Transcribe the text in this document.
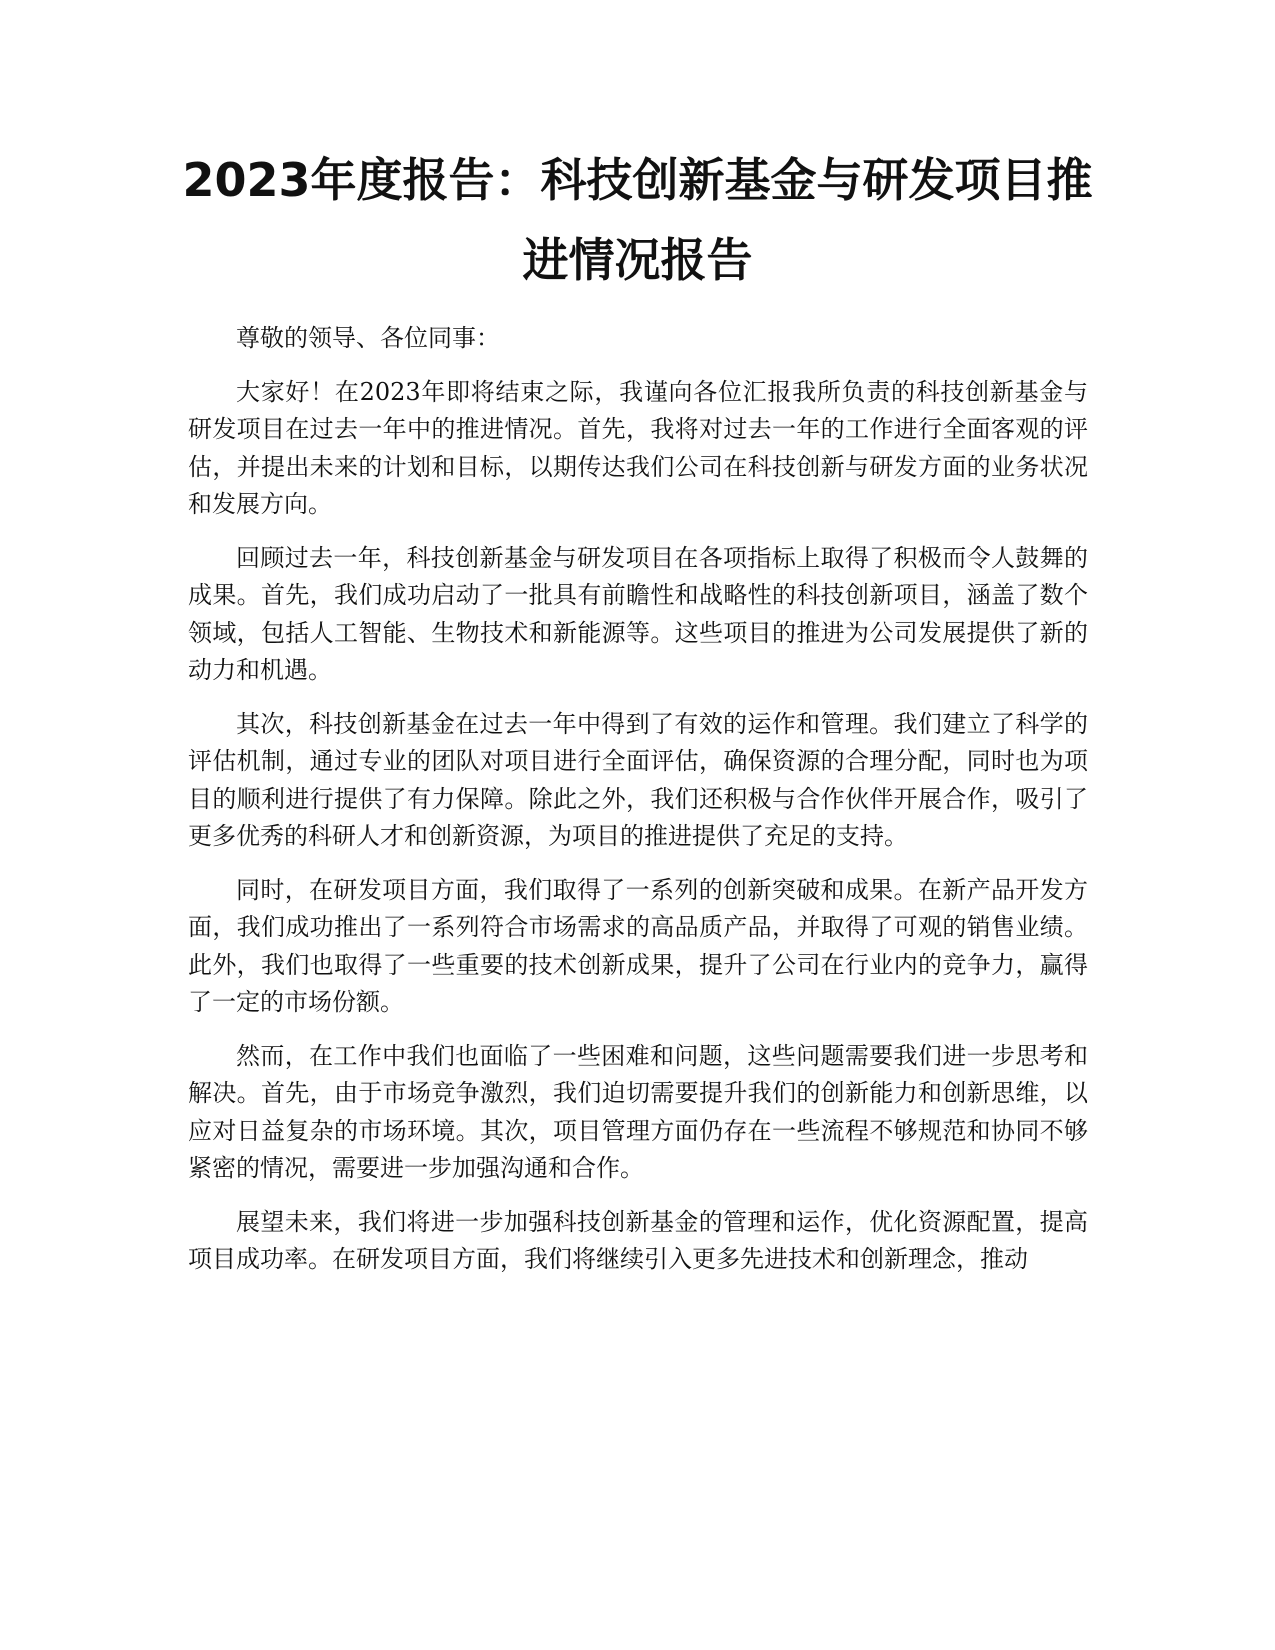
2023年度报告：科技创新基金与研发项目推进情况报告

尊敬的领导、各位同事：

大家好！在2023年即将结束之际，我谨向各位汇报我所负责的科技创新基金与研发项目在过去一年中的推进情况。首先，我将对过去一年的工作进行全面客观的评估，并提出未来的计划和目标，以期传达我们公司在科技创新与研发方面的业务状况和发展方向。

回顾过去一年，科技创新基金与研发项目在各项指标上取得了积极而令人鼓舞的成果。首先，我们成功启动了一批具有前瞻性和战略性的科技创新项目，涵盖了数个领域，包括人工智能、生物技术和新能源等。这些项目的推进为公司发展提供了新的动力和机遇。

其次，科技创新基金在过去一年中得到了有效的运作和管理。我们建立了科学的评估机制，通过专业的团队对项目进行全面评估，确保资源的合理分配，同时也为项目的顺利进行提供了有力保障。除此之外，我们还积极与合作伙伴开展合作，吸引了更多优秀的科研人才和创新资源，为项目的推进提供了充足的支持。

同时，在研发项目方面，我们取得了一系列的创新突破和成果。在新产品开发方面，我们成功推出了一系列符合市场需求的高品质产品，并取得了可观的销售业绩。此外，我们也取得了一些重要的技术创新成果，提升了公司在行业内的竞争力，赢得了一定的市场份额。

然而，在工作中我们也面临了一些困难和问题，这些问题需要我们进一步思考和解决。首先，由于市场竞争激烈，我们迫切需要提升我们的创新能力和创新思维，以应对日益复杂的市场环境。其次，项目管理方面仍存在一些流程不够规范和协同不够紧密的情况，需要进一步加强沟通和合作。

展望未来，我们将进一步加强科技创新基金的管理和运作，优化资源配置，提高项目成功率。在研发项目方面，我们将继续引入更多先进技术和创新理念，推动
